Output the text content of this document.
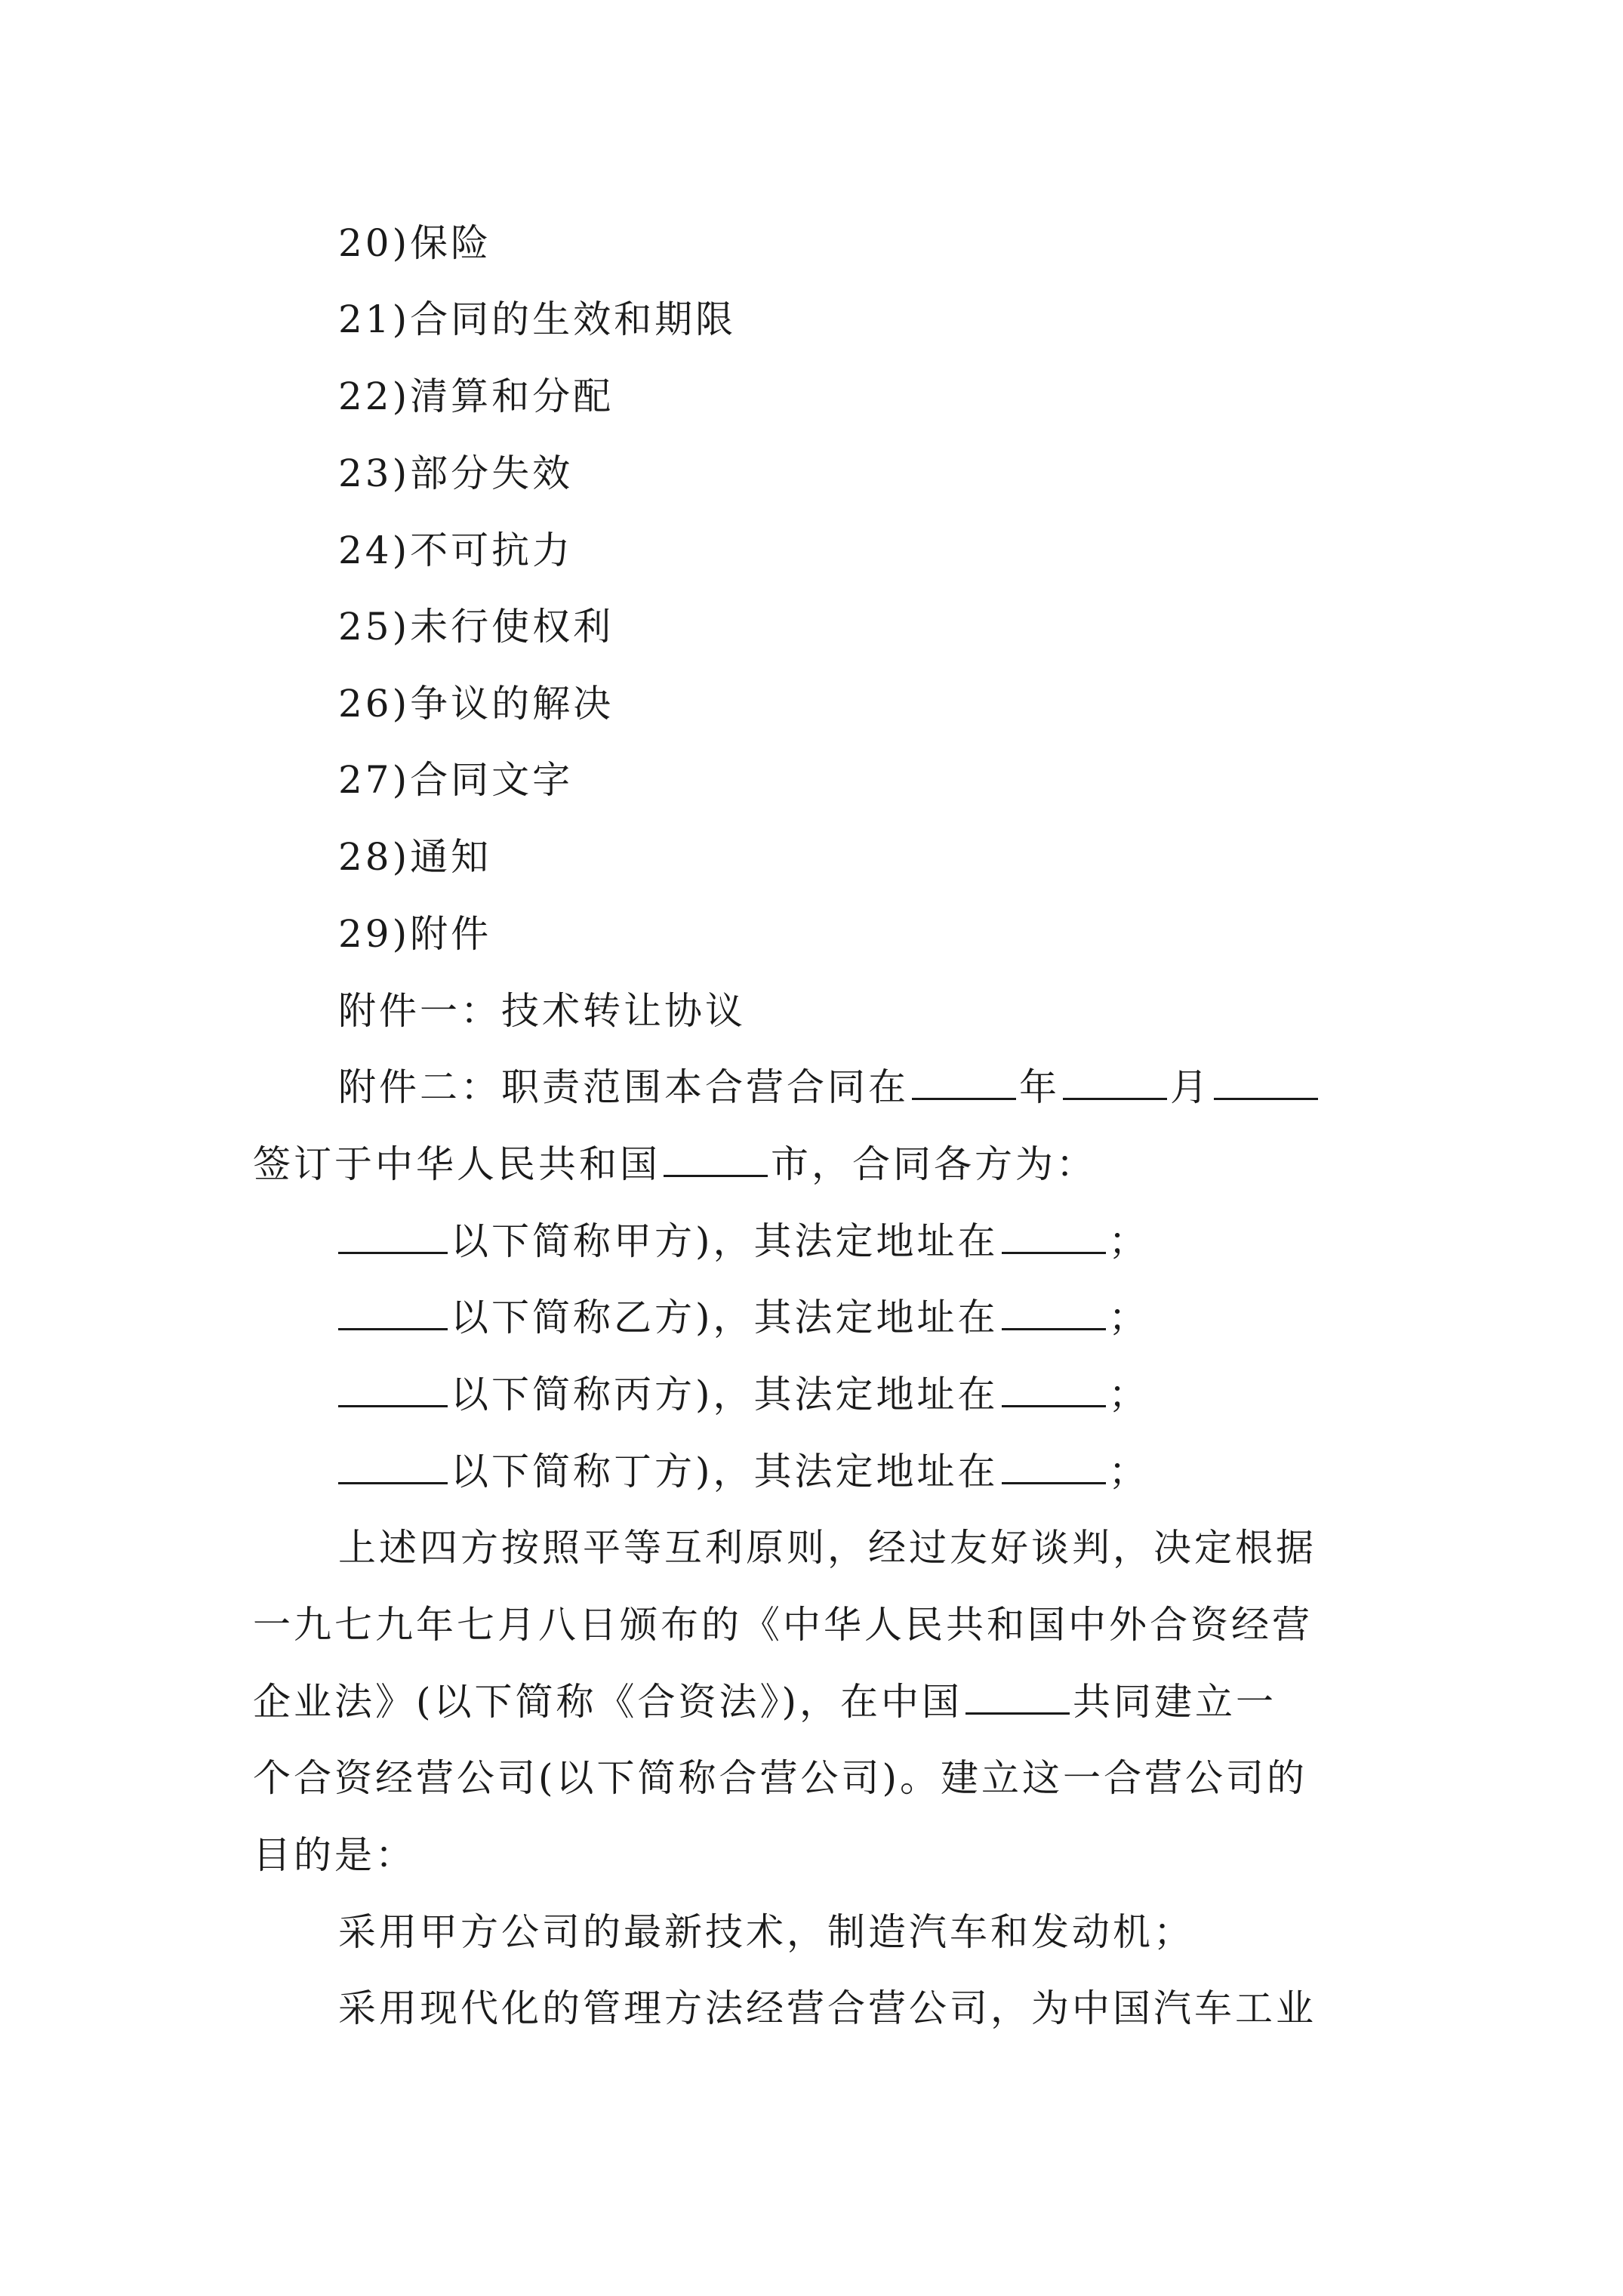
20)保险
21)合同的生效和期限
22)清算和分配
23)部分失效
24)不可抗力
25)未行使权利
26)争议的解决
27)合同文字
28)通知
29)附件
附件一：技术转让协议
附件二：职责范围本合营合同在	年	月
签订于中华人民共和国	市，合同各方为：
以下简称甲方)，其法定地址在	；
以下简称乙方)，其法定地址在	；
以下简称丙方)，其法定地址在	；
以下简称丁方)，其法定地址在	；
上述四方按照平等互利原则，经过友好谈判，决定根据
一九七九年七月八日颁布的《中华人民共和国中外合资经营
企业法》(以下简称《合资法》)，在中国	共同建立一
个合资经营公司(以下简称合营公司)。建立这一合营公司的
目的是：
采用甲方公司的最新技术，制造汽车和发动机；
采用现代化的管理方法经营合营公司，为中国汽车工业
